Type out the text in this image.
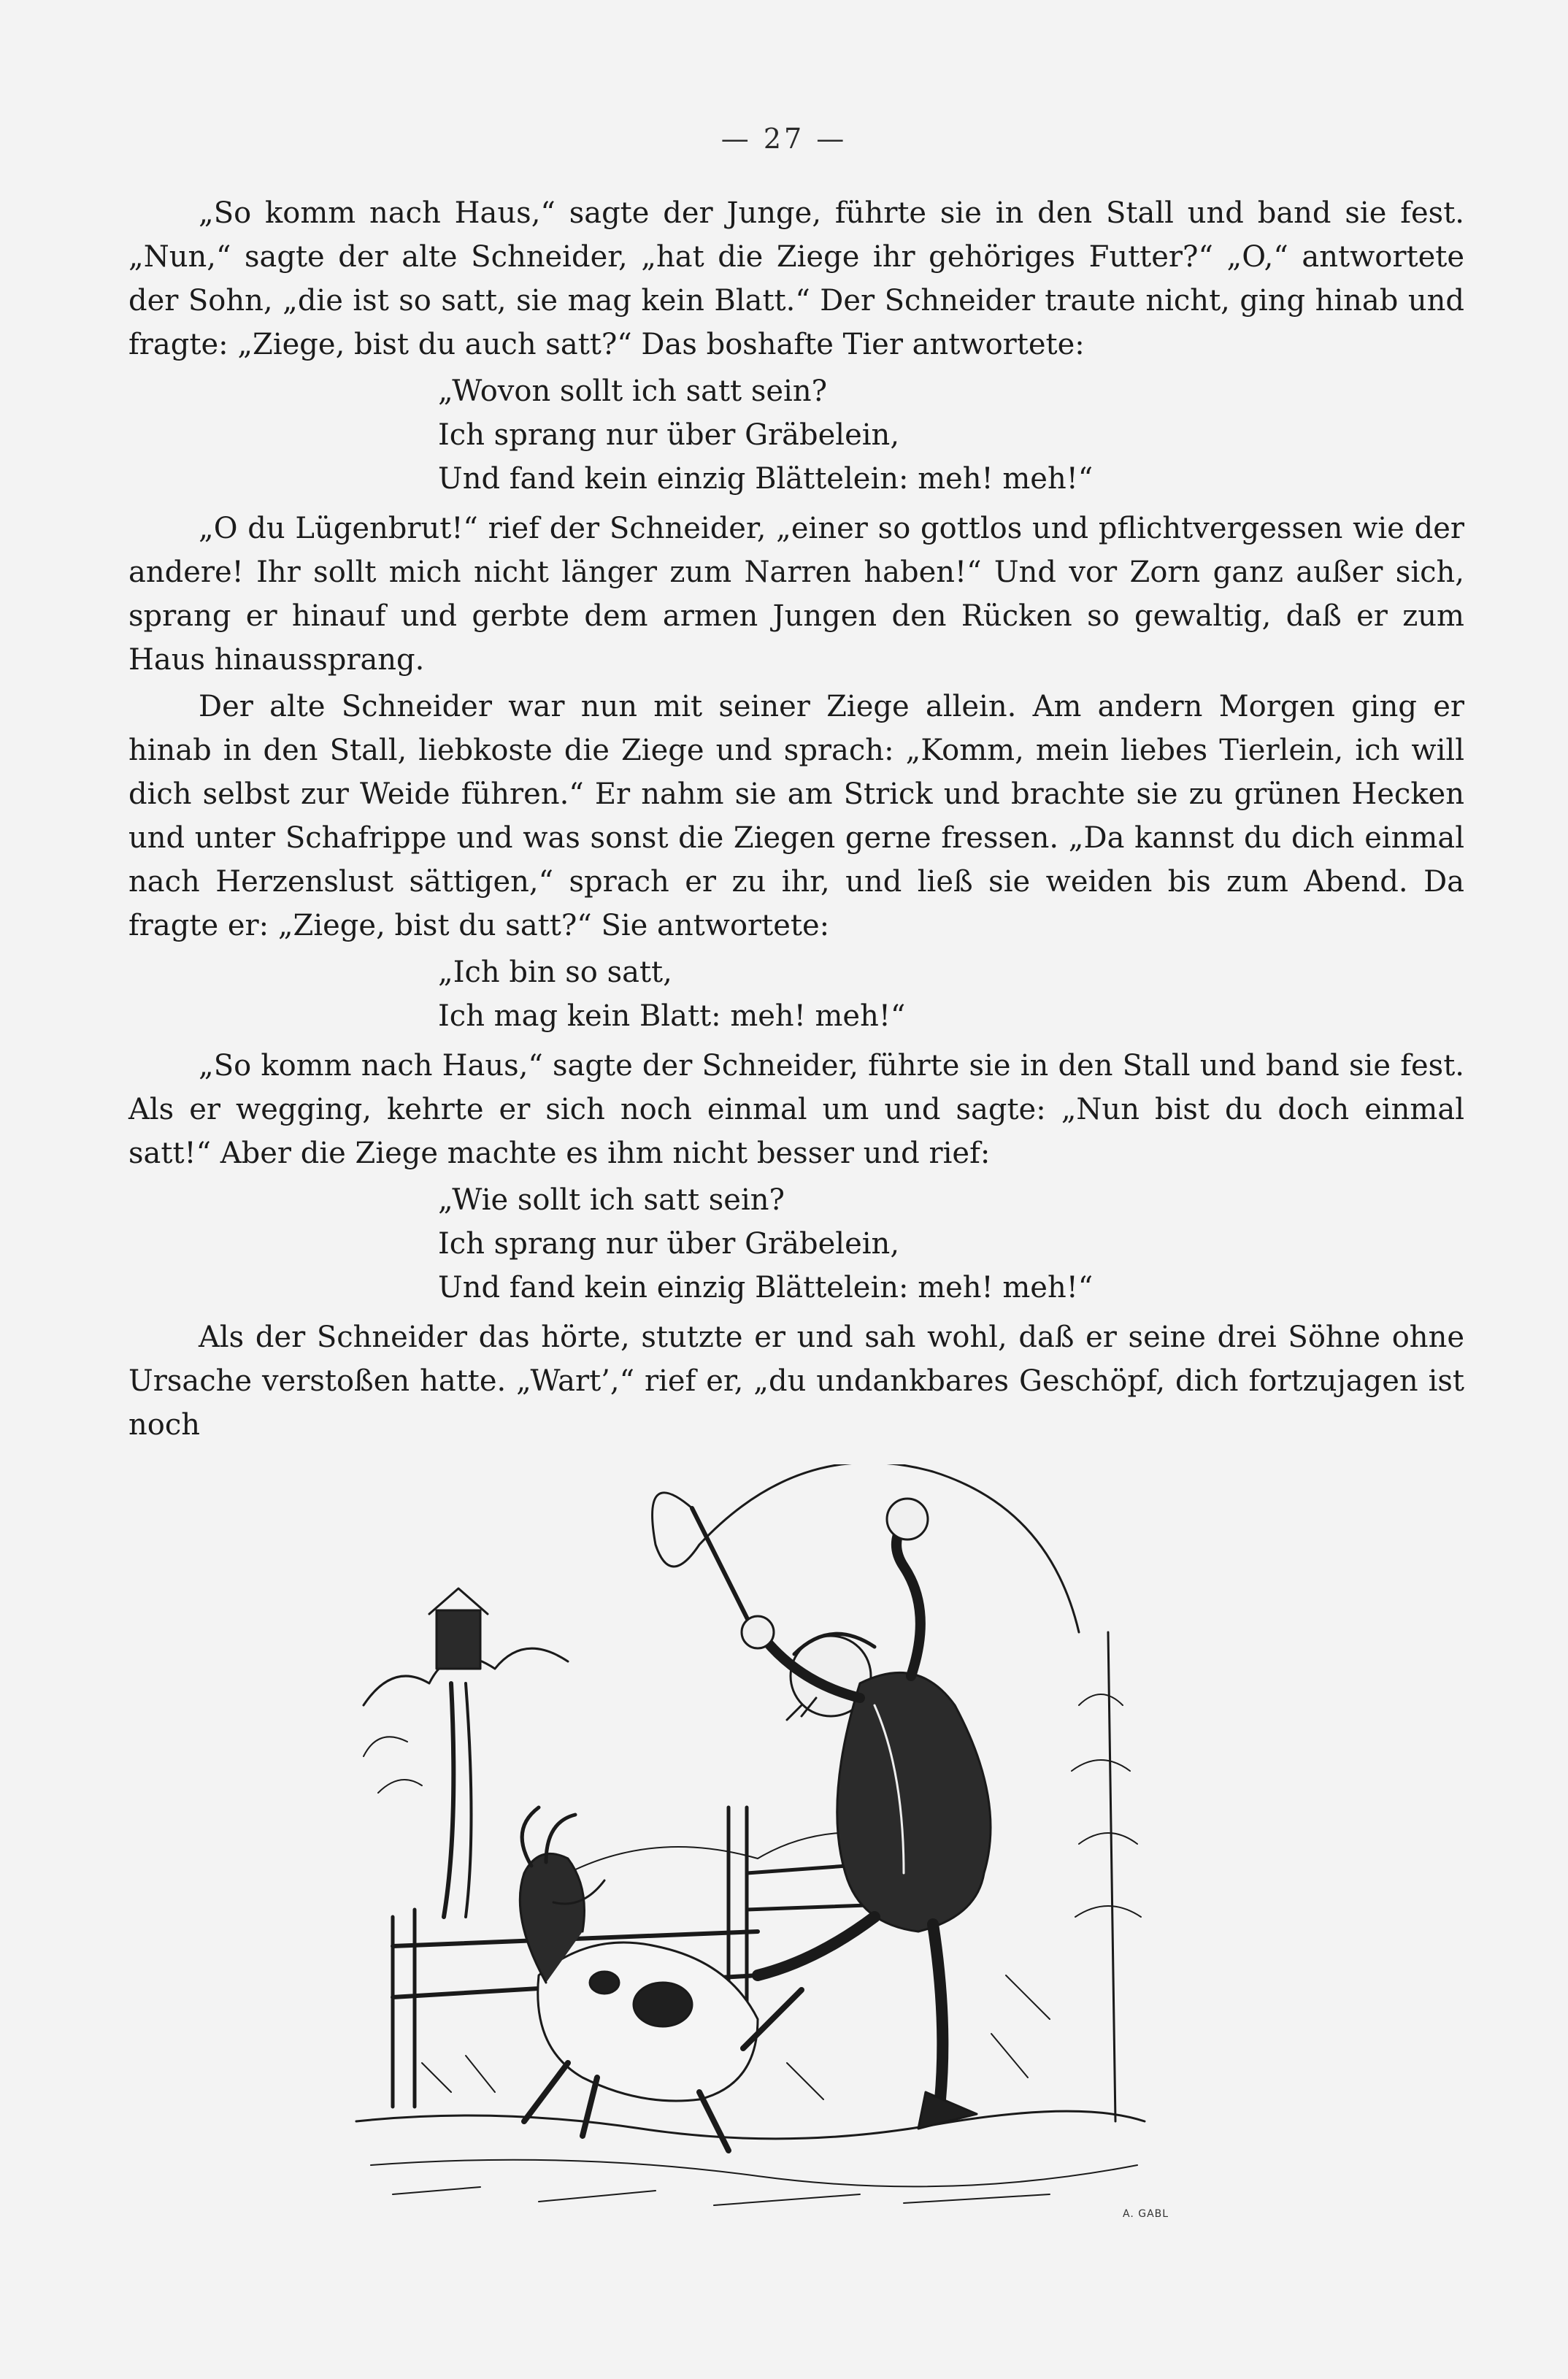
— 27 —

„So komm nach Haus,“ sagte der Junge, führte sie in den Stall und band sie fest. „Nun,“ sagte der alte Schneider, „hat die Ziege ihr gehöriges Futter?“ „O,“ antwortete der Sohn, „die ist so satt, sie mag kein Blatt.“ Der Schneider traute nicht, ging hinab und fragte: „Ziege, bist du auch satt?“ Das boshafte Tier antwortete:

„Wovon sollt ich satt sein?
Ich sprang nur über Gräbelein,
Und fand kein einzig Blättelein: meh! meh!“

„O du Lügenbrut!“ rief der Schneider, „einer so gottlos und pflichtvergessen wie der andere! Ihr sollt mich nicht länger zum Narren haben!“ Und vor Zorn ganz außer sich, sprang er hinauf und gerbte dem armen Jungen den Rücken so gewaltig, daß er zum Haus hinaussprang.

Der alte Schneider war nun mit seiner Ziege allein. Am andern Morgen ging er hinab in den Stall, liebkoste die Ziege und sprach: „Komm, mein liebes Tierlein, ich will dich selbst zur Weide führen.“ Er nahm sie am Strick und brachte sie zu grünen Hecken und unter Schafrippe und was sonst die Ziegen gerne fressen. „Da kannst du dich einmal nach Herzenslust sättigen,“ sprach er zu ihr, und ließ sie weiden bis zum Abend. Da fragte er: „Ziege, bist du satt?“ Sie antwortete:

„Ich bin so satt,
Ich mag kein Blatt: meh! meh!“

„So komm nach Haus,“ sagte der Schneider, führte sie in den Stall und band sie fest. Als er wegging, kehrte er sich noch einmal um und sagte: „Nun bist du doch einmal satt!“ Aber die Ziege machte es ihm nicht besser und rief:

„Wie sollt ich satt sein?
Ich sprang nur über Gräbelein,
Und fand kein einzig Blättelein: meh! meh!“

Als der Schneider das hörte, stutzte er und sah wohl, daß er seine drei Söhne ohne Ursache verstoßen hatte. „Wart’,“ rief er, „du undankbares Geschöpf, dich fortzujagen ist noch

A. GABL
